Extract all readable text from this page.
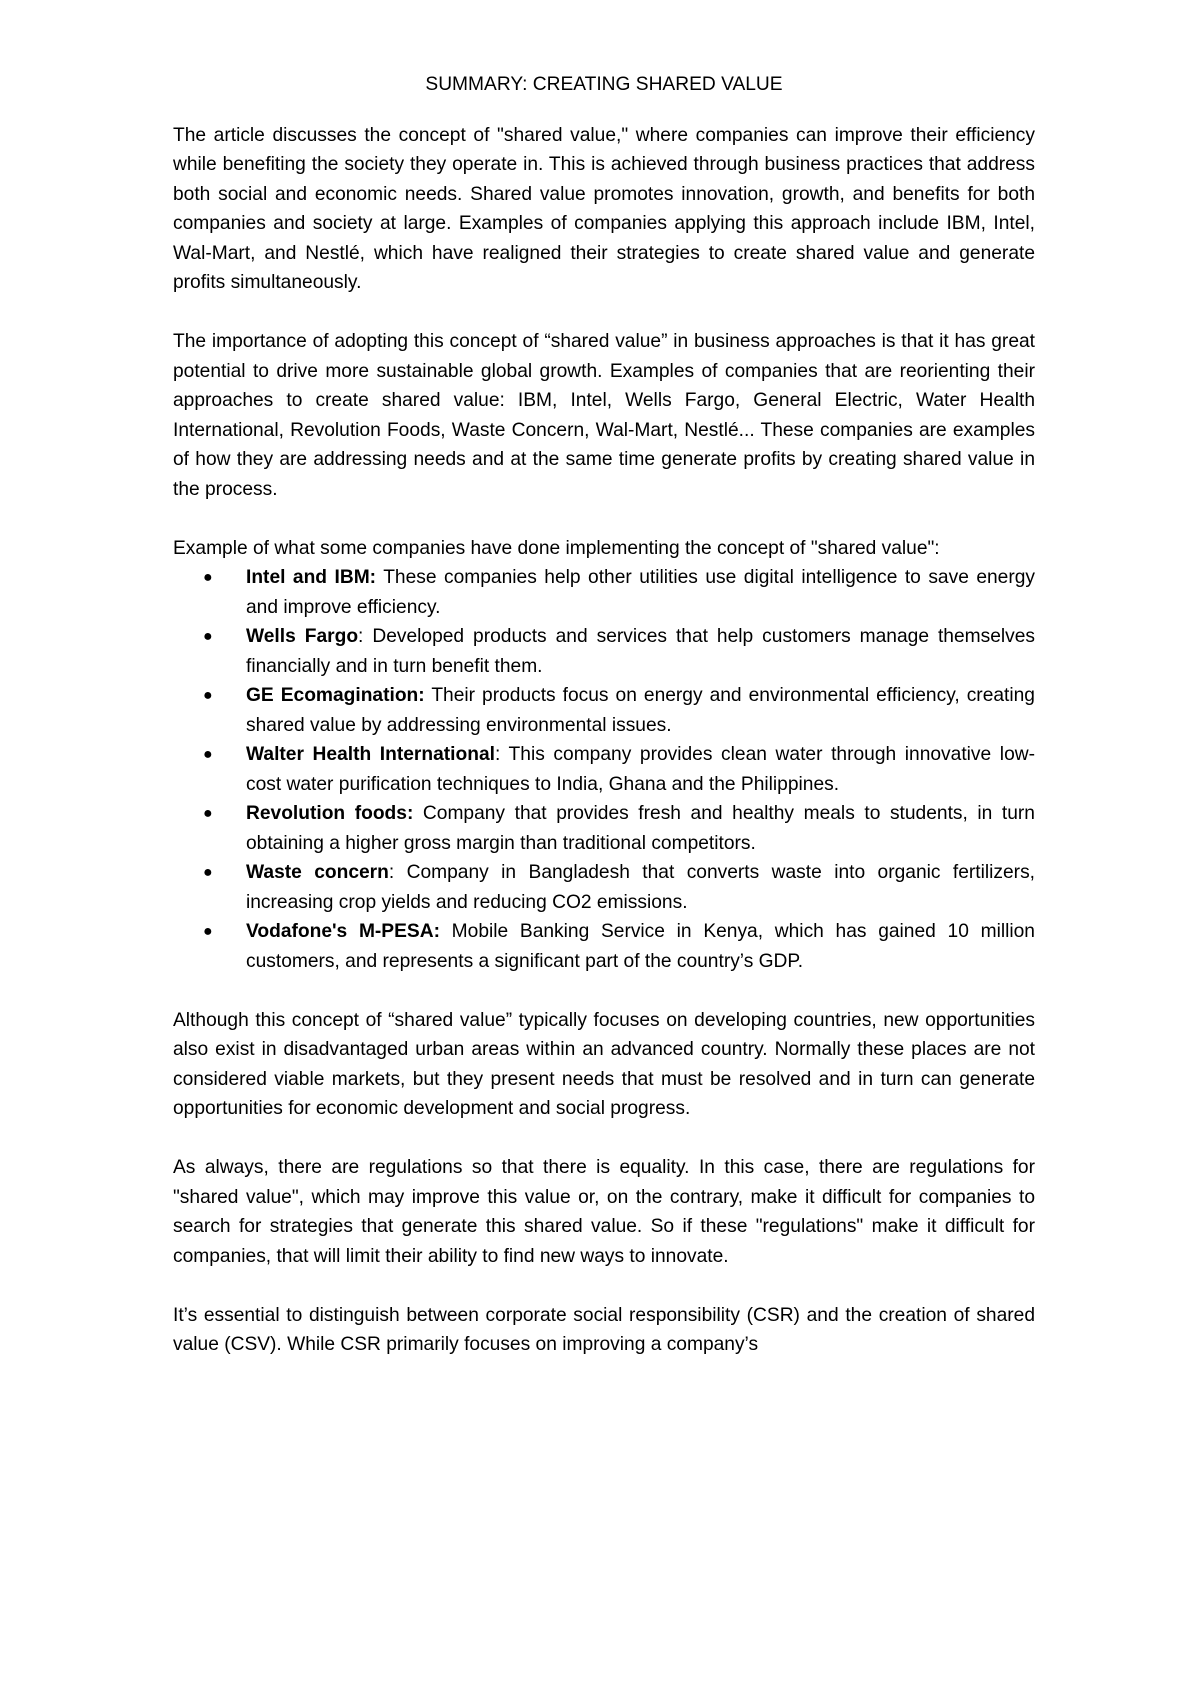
SUMMARY: CREATING SHARED VALUE

The article discusses the concept of "shared value," where companies can improve their efficiency while benefiting the society they operate in. This is achieved through business practices that address both social and economic needs. Shared value promotes innovation, growth, and benefits for both companies and society at large. Examples of companies applying this approach include IBM, Intel, Wal-Mart, and Nestlé, which have realigned their strategies to create shared value and generate profits simultaneously.

The importance of adopting this concept of “shared value” in business approaches is that it has great potential to drive more sustainable global growth. Examples of companies that are reorienting their approaches to create shared value: IBM, Intel, Wells Fargo, General Electric, Water Health International, Revolution Foods, Waste Concern, Wal-Mart, Nestlé... These companies are examples of how they are addressing needs and at the same time generate profits by creating shared value in the process.

Example of what some companies have done implementing the concept of "shared value":

● Intel and IBM: These companies help other utilities use digital intelligence to save energy and improve efficiency.
● Wells Fargo: Developed products and services that help customers manage themselves financially and in turn benefit them.
● GE Ecomagination: Their products focus on energy and environmental efficiency, creating shared value by addressing environmental issues.
● Walter Health International: This company provides clean water through innovative low-cost water purification techniques to India, Ghana and the Philippines.
● Revolution foods: Company that provides fresh and healthy meals to students, in turn obtaining a higher gross margin than traditional competitors.
● Waste concern: Company in Bangladesh that converts waste into organic fertilizers, increasing crop yields and reducing CO2 emissions.
● Vodafone's M-PESA: Mobile Banking Service in Kenya, which has gained 10 million customers, and represents a significant part of the country’s GDP.

Although this concept of “shared value” typically focuses on developing countries, new opportunities also exist in disadvantaged urban areas within an advanced country. Normally these places are not considered viable markets, but they present needs that must be resolved and in turn can generate opportunities for economic development and social progress.

As always, there are regulations so that there is equality. In this case, there are regulations for "shared value", which may improve this value or, on the contrary, make it difficult for companies to search for strategies that generate this shared value. So if these "regulations" make it difficult for companies, that will limit their ability to find new ways to innovate.

It’s essential to distinguish between corporate social responsibility (CSR) and the creation of shared value (CSV). While CSR primarily focuses on improving a company’s
